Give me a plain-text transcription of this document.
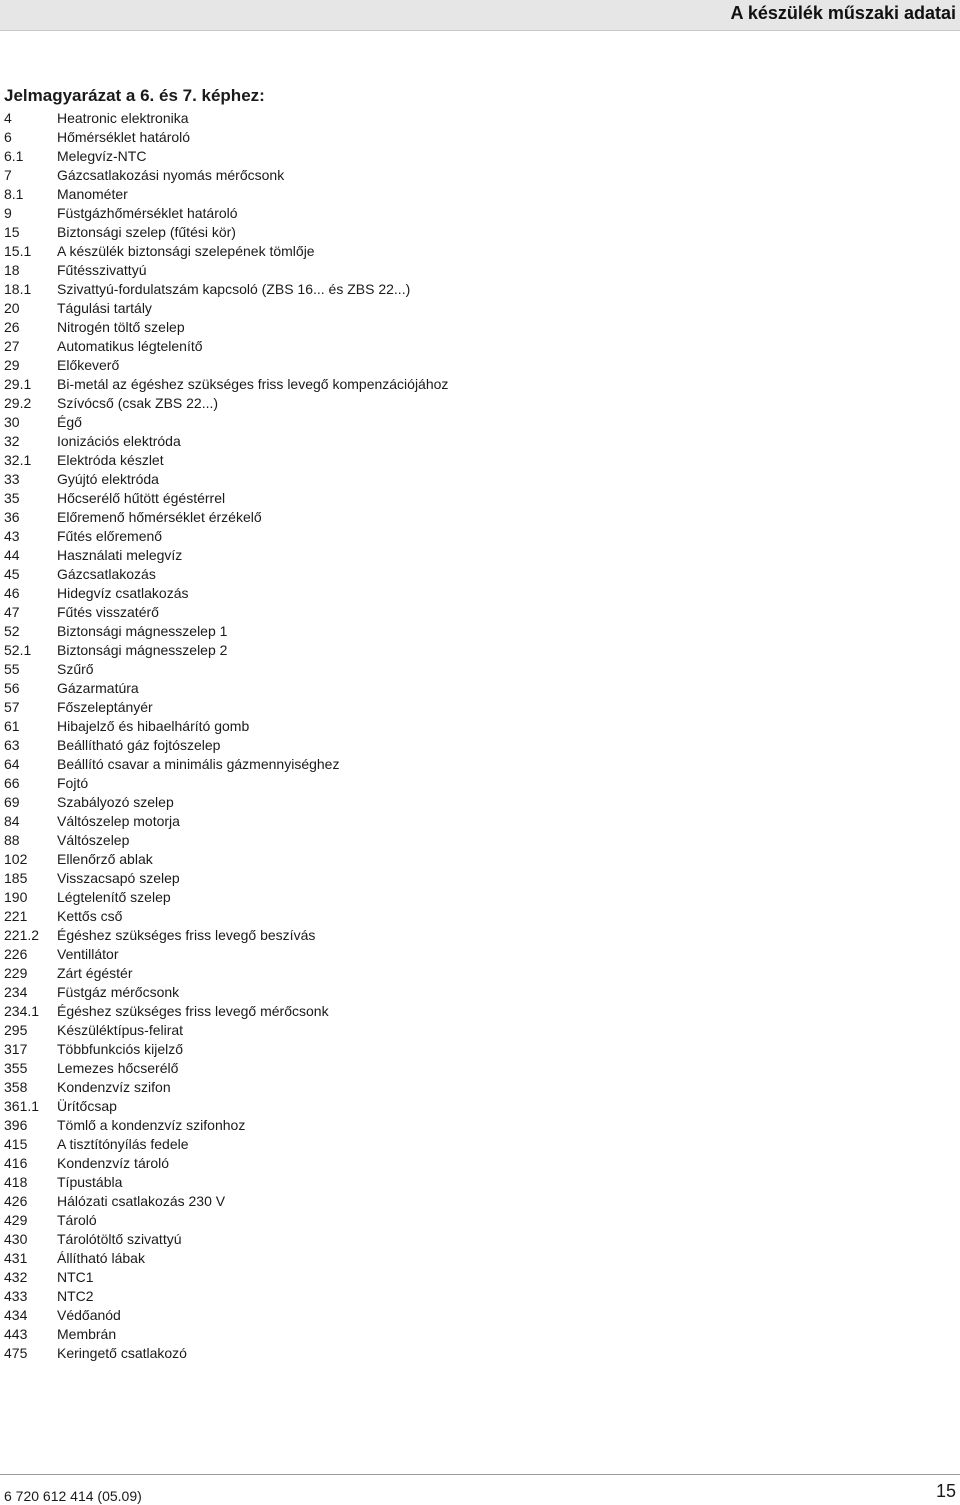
A készülék műszaki adatai
Jelmagyarázat a 6. és 7. képhez:
4	Heatronic elektronika
6	Hőmérséklet határoló
6.1	Melegvíz-NTC
7	Gázcsatlakozási nyomás mérőcsonk
8.1	Manométer
9	Füstgázhőmérséklet határoló
15	Biztonsági szelep (fűtési kör)
15.1	A készülék biztonsági szelepének tömlője
18	Fűtésszivattyú
18.1	Szivattyú-fordulatszám kapcsoló (ZBS 16... és ZBS 22...)
20	Tágulási tartály
26	Nitrogén töltő szelep
27	Automatikus légtelenítő
29	Előkeverő
29.1	Bi-metál az égéshez szükséges friss levegő kompenzációjához
29.2	Szívócső (csak ZBS 22...)
30	Égő
32	Ionizációs elektróda
32.1	Elektróda készlet
33	Gyújtó elektróda
35	Hőcserélő hűtött égéstérrel
36	Előremenő hőmérséklet érzékelő
43	Fűtés előremenő
44	Használati melegvíz
45	Gázcsatlakozás
46	Hidegvíz csatlakozás
47	Fűtés visszatérő
52	Biztonsági mágnesszelep 1
52.1	Biztonsági mágnesszelep 2
55	Szűrő
56	Gázarmatúra
57	Főszeleptányér
61	Hibajelző és hibaelhárító gomb
63	Beállítható gáz fojtószelep
64	Beállító csavar a minimális gázmennyiséghez
66	Fojtó
69	Szabályozó szelep
84	Váltószelep motorja
88	Váltószelep
102	Ellenőrző ablak
185	Visszacsapó szelep
190	Légtelenítő szelep
221	Kettős cső
221.2	Égéshez szükséges friss levegő beszívás
226	Ventillátor
229	Zárt égéstér
234	Füstgáz mérőcsonk
234.1	Égéshez szükséges friss levegő mérőcsonk
295	Készüléktípus-felirat
317	Többfunkciós kijelző
355	Lemezes hőcserélő
358	Kondenzvíz szifon
361.1	Ürítőcsap
396	Tömlő a kondenzvíz szifonhoz
415	A tisztítónyílás fedele
416	Kondenzvíz tároló
418	Típustábla
426	Hálózati csatlakozás 230 V
429	Tároló
430	Tárolótöltő szivattyú
431	Állítható lábak
432	NTC1
433	NTC2
434	Védőanód
443	Membrán
475	Keringető csatlakozó
6 720 612 414 (05.09)	15
